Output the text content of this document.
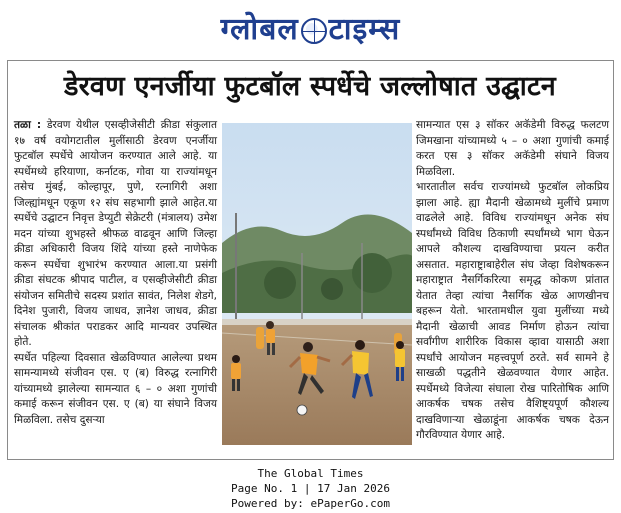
ग्लोबल टाइम्स
डेरवण एनर्जीया फुटबॉल स्पर्धेचे जल्लोषात उद्घाटन

तळा : डेरवण येथील एसव्हीजेसीटी क्रीडा संकुलात १७ वर्ष वयोगटातील मुलींसाठी डेरवण एनर्जीया फुटबॉल स्पर्धेचे आयोजन करण्यात आले आहे. या स्पर्धेमध्ये हरियाणा, कर्नाटक, गोवा या राज्यांमधून तसेच मुंबई, कोल्हापूर, पुणे, रत्नागिरी अशा जिल्ह्यांमधून एकूण १२ संघ सहभागी झाले आहेत.या स्पर्धेचे उद्घाटन निवृत्त डेप्युटी सेक्रेटरी (मंत्रालय) उमेश मदन यांच्या शुभहस्ते श्रीफळ वाढवून आणि जिल्हा क्रीडा अधिकारी विजय शिंदे यांच्या हस्ते नाणेफेक करून स्पर्धेचा शुभारंभ करण्यात आला.या प्रसंगी क्रीडा संघटक श्रीपाद पाटील, व एसव्हीजेसीटी क्रीडा संयोजन समितीचे सदस्य प्रशांत सावंत, निलेश शेडगे, दिनेश पुजारी, विजय जाधव, ज्ञानेश जाधव, क्रीडा संचालक श्रीकांत पराडकर आदि मान्यवर उपस्थित होते.

स्पर्धेत पहिल्या दिवसात खेळविण्यात आलेल्या प्रथम सामन्यामध्ये संजीवन एस. ए (ब) विरुद्ध रत्नागिरी यांच्यामध्ये झालेल्या सामन्यात ६ – ० अशा गुणांची कमाई करून संजीवन एस. ए (ब) या संघाने विजय मिळविला. तसेच दुसऱ्या

सामन्यात एस ३ सॉकर अकॅडेमी विरुद्ध फलटण जिमखाना यांच्यामध्ये ५ – ० अशा गुणांची कमाई करत एस ३ सॉकर अकॅडेमी संघाने विजय मिळविला.

भारतातील सर्वच राज्यांमध्ये फुटबॉल लोकप्रिय झाला आहे. ह्या मैदानी खेळामध्ये मुलींचे प्रमाण वाढलेले आहे. विविध राज्यांमधून अनेक संघ स्पर्धांमध्ये विविध ठिकाणी स्पर्धांमध्ये भाग घेऊन आपले कौशल्य दाखविण्याचा प्रयत्न करीत असतात. महाराष्ट्राबाहेरील संघ जेव्हा विशेषकरून महाराष्ट्रात नैसर्गिकरित्या समृद्ध कोकण प्रांतात येतात तेव्हा त्यांचा नैसर्गिक खेळ आणखीनच बहरून येतो. भारतामधील युवा मुलींच्या मध्ये मैदानी खेळाची आवड निर्माण होऊन त्यांचा सर्वांगीण शारीरिक विकास व्हावा यासाठी अशा स्पर्धांचे आयोजन महत्त्वपूर्ण ठरते. सर्व सामने हे साखळी पद्धतीने खेळवण्यात येणार आहेत. स्पर्धेमध्ये विजेत्या संघाला रोख पारितोषिक आणि आकर्षक चषक तसेच वैशिष्ट्यपूर्ण कौशल्य दाखविणाऱ्या खेळाडूंना आकर्षक चषक देऊन गौरविण्यात येणार आहे.

The Global Times
Page No. 1 | 17 Jan 2026
Powered by: ePaperGo.com
